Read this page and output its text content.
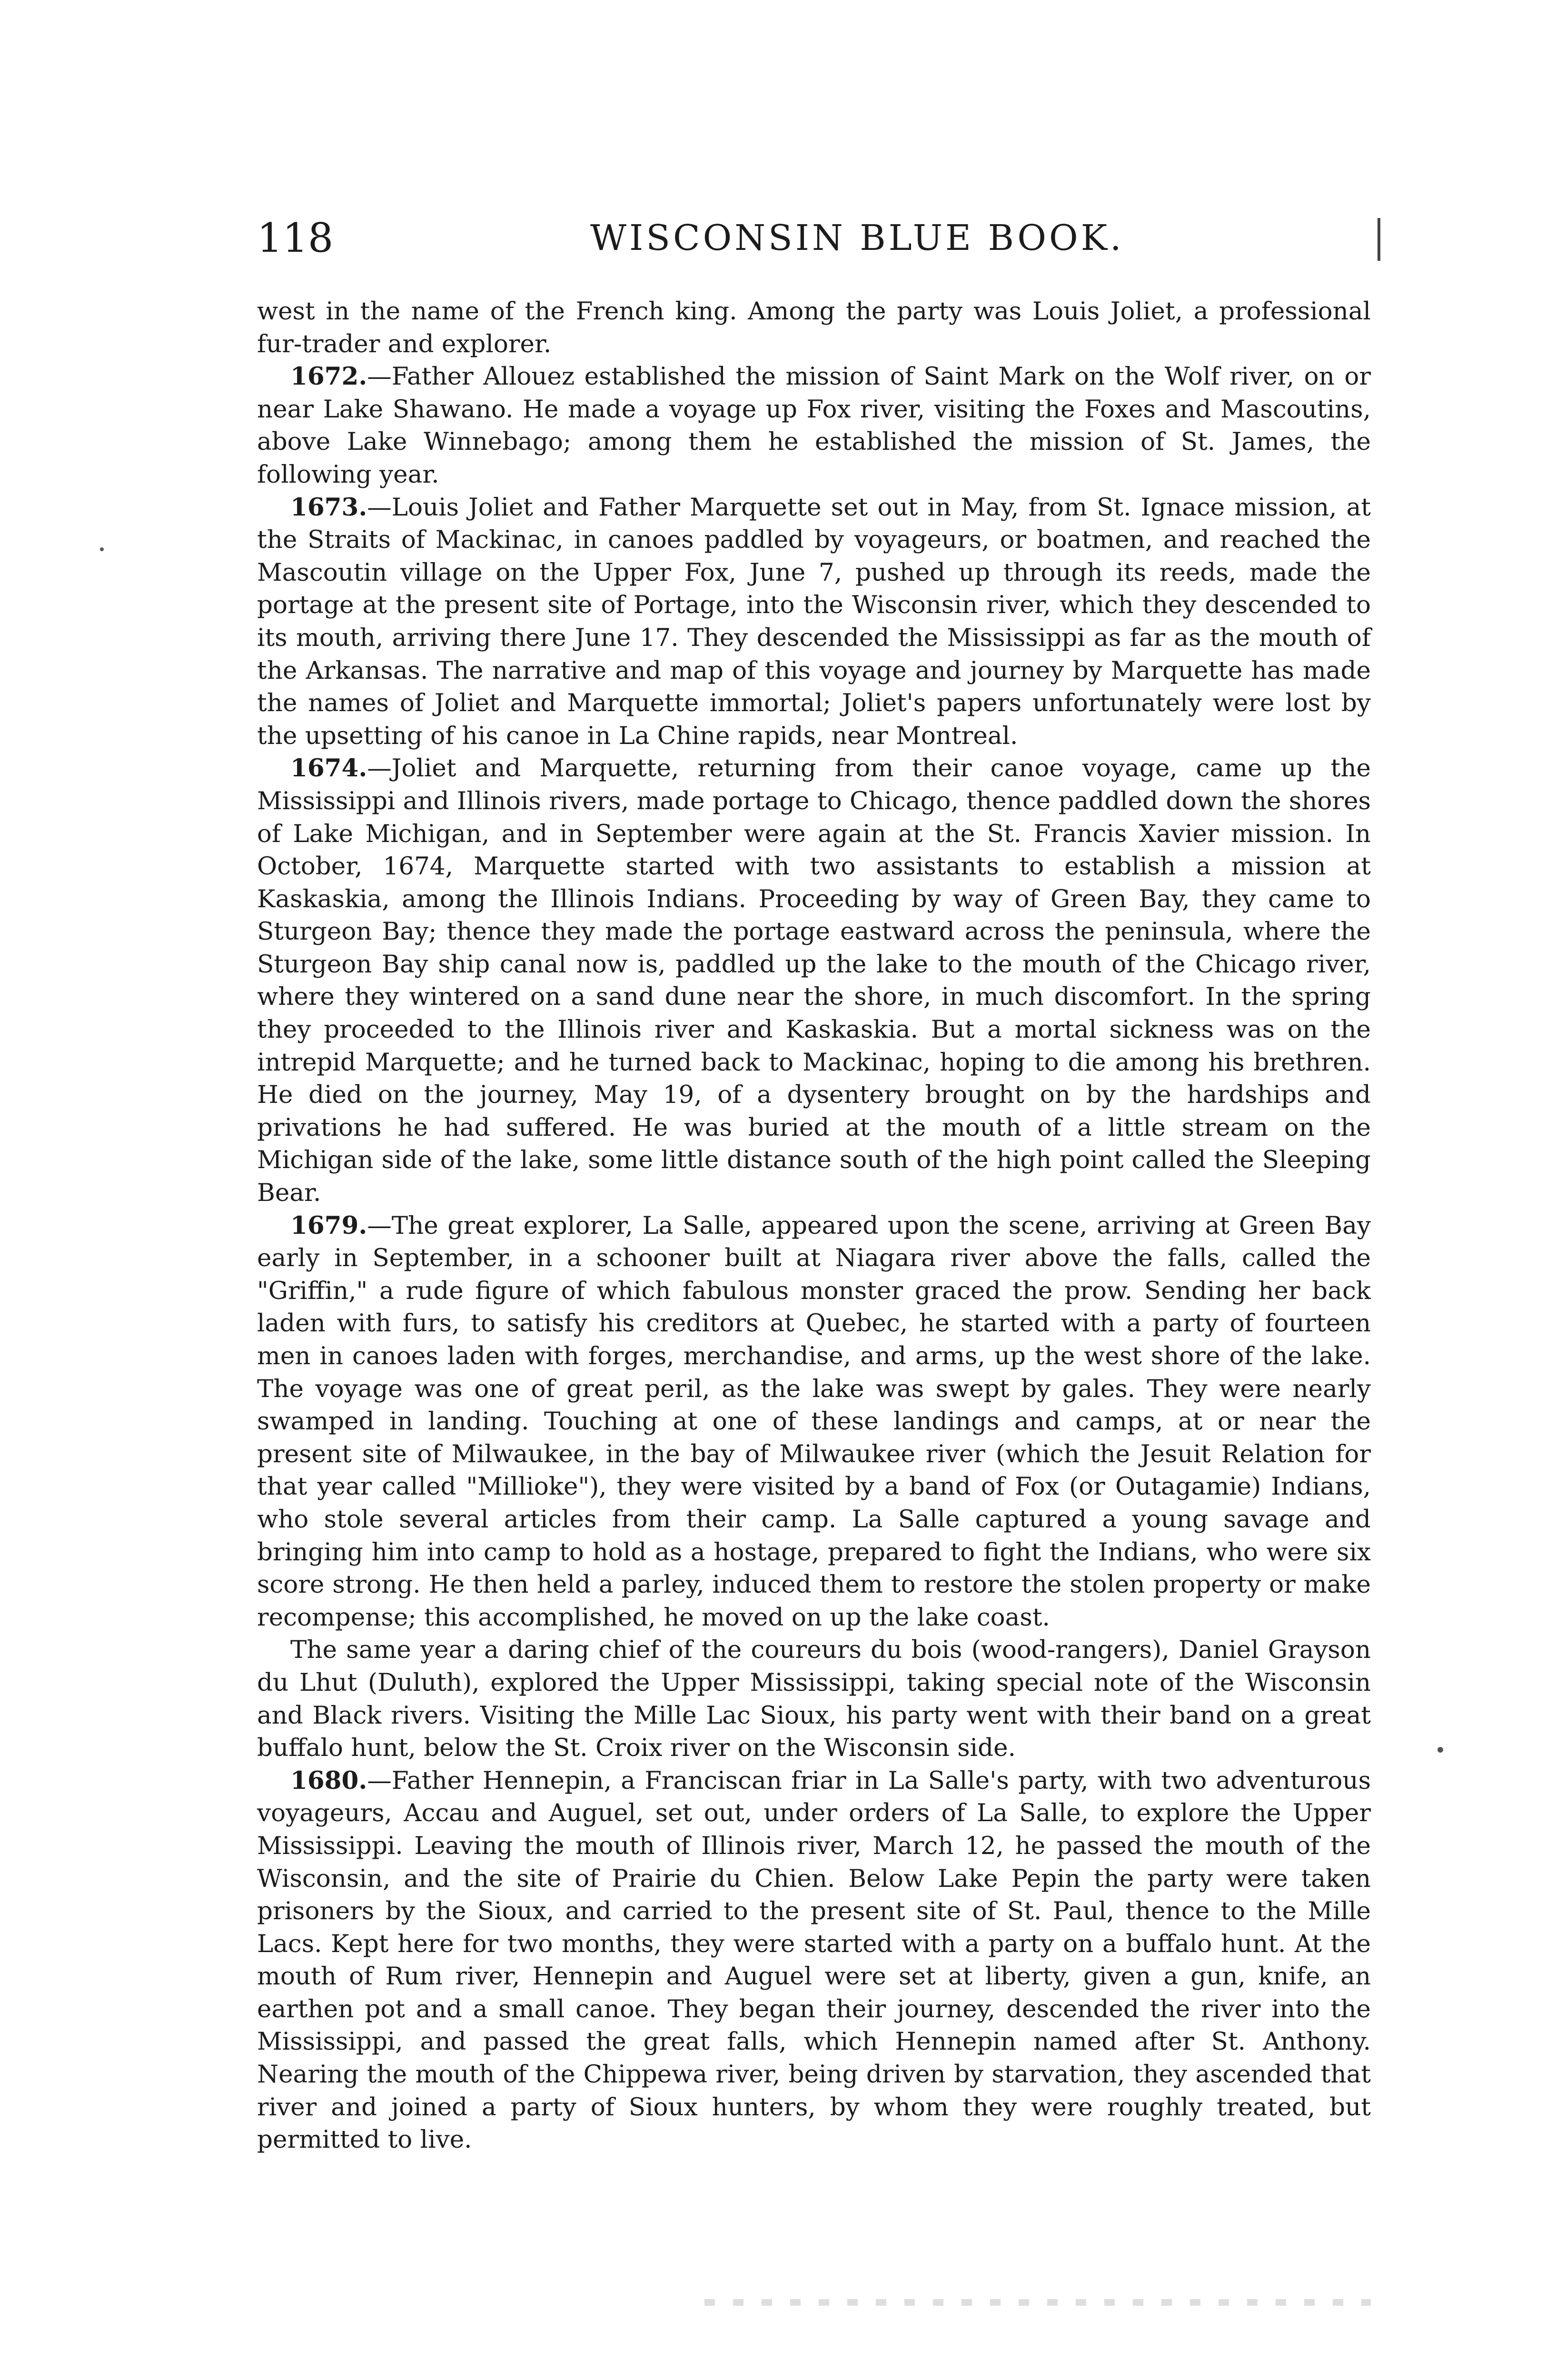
118	WISCONSIN BLUE BOOK.

west in the name of the French king. Among the party was Louis Joliet, a professional fur-trader and explorer.

1672.—Father Allouez established the mission of Saint Mark on the Wolf river, on or near Lake Shawano. He made a voyage up Fox river, visiting the Foxes and Mascoutins, above Lake Winnebago; among them he established the mission of St. James, the following year.

1673.—Louis Joliet and Father Marquette set out in May, from St. Ignace mission, at the Straits of Mackinac, in canoes paddled by voyageurs, or boatmen, and reached the Mascoutin village on the Upper Fox, June 7, pushed up through its reeds, made the portage at the present site of Portage, into the Wisconsin river, which they descended to its mouth, arriving there June 17. They descended the Mississippi as far as the mouth of the Arkansas. The narrative and map of this voyage and journey by Marquette has made the names of Joliet and Marquette immortal; Joliet's papers unfortunately were lost by the upsetting of his canoe in La Chine rapids, near Montreal.

1674.—Joliet and Marquette, returning from their canoe voyage, came up the Mississippi and Illinois rivers, made portage to Chicago, thence paddled down the shores of Lake Michigan, and in September were again at the St. Francis Xavier mission. In October, 1674, Marquette started with two assistants to establish a mission at Kaskaskia, among the Illinois Indians. Proceeding by way of Green Bay, they came to Sturgeon Bay; thence they made the portage eastward across the peninsula, where the Sturgeon Bay ship canal now is, paddled up the lake to the mouth of the Chicago river, where they wintered on a sand dune near the shore, in much discomfort. In the spring they proceeded to the Illinois river and Kaskaskia. But a mortal sickness was on the intrepid Marquette; and he turned back to Mackinac, hoping to die among his brethren. He died on the journey, May 19, of a dysentery brought on by the hardships and privations he had suffered. He was buried at the mouth of a little stream on the Michigan side of the lake, some little distance south of the high point called the Sleeping Bear.

1679.—The great explorer, La Salle, appeared upon the scene, arriving at Green Bay early in September, in a schooner built at Niagara river above the falls, called the "Griffin," a rude figure of which fabulous monster graced the prow. Sending her back laden with furs, to satisfy his creditors at Quebec, he started with a party of fourteen men in canoes laden with forges, merchandise, and arms, up the west shore of the lake. The voyage was one of great peril, as the lake was swept by gales. They were nearly swamped in landing. Touching at one of these landings and camps, at or near the present site of Milwaukee, in the bay of Milwaukee river (which the Jesuit Relation for that year called "Millioke"), they were visited by a band of Fox (or Outagamie) Indians, who stole several articles from their camp. La Salle captured a young savage and bringing him into camp to hold as a hostage, prepared to fight the Indians, who were six score strong. He then held a parley, induced them to restore the stolen property or make recompense; this accomplished, he moved on up the lake coast.

The same year a daring chief of the coureurs du bois (wood-rangers), Daniel Grayson du Lhut (Duluth), explored the Upper Mississippi, taking special note of the Wisconsin and Black rivers. Visiting the Mille Lac Sioux, his party went with their band on a great buffalo hunt, below the St. Croix river on the Wisconsin side.

1680.—Father Hennepin, a Franciscan friar in La Salle's party, with two adventurous voyageurs, Accau and Auguel, set out, under orders of La Salle, to explore the Upper Mississippi. Leaving the mouth of Illinois river, March 12, he passed the mouth of the Wisconsin, and the site of Prairie du Chien. Below Lake Pepin the party were taken prisoners by the Sioux, and carried to the present site of St. Paul, thence to the Mille Lacs. Kept here for two months, they were started with a party on a buffalo hunt. At the mouth of Rum river, Hennepin and Auguel were set at liberty, given a gun, knife, an earthen pot and a small canoe. They began their journey, descended the river into the Mississippi, and passed the great falls, which Hennepin named after St. Anthony. Nearing the mouth of the Chippewa river, being driven by starvation, they ascended that river and joined a party of Sioux hunters, by whom they were roughly treated, but permitted to live.
